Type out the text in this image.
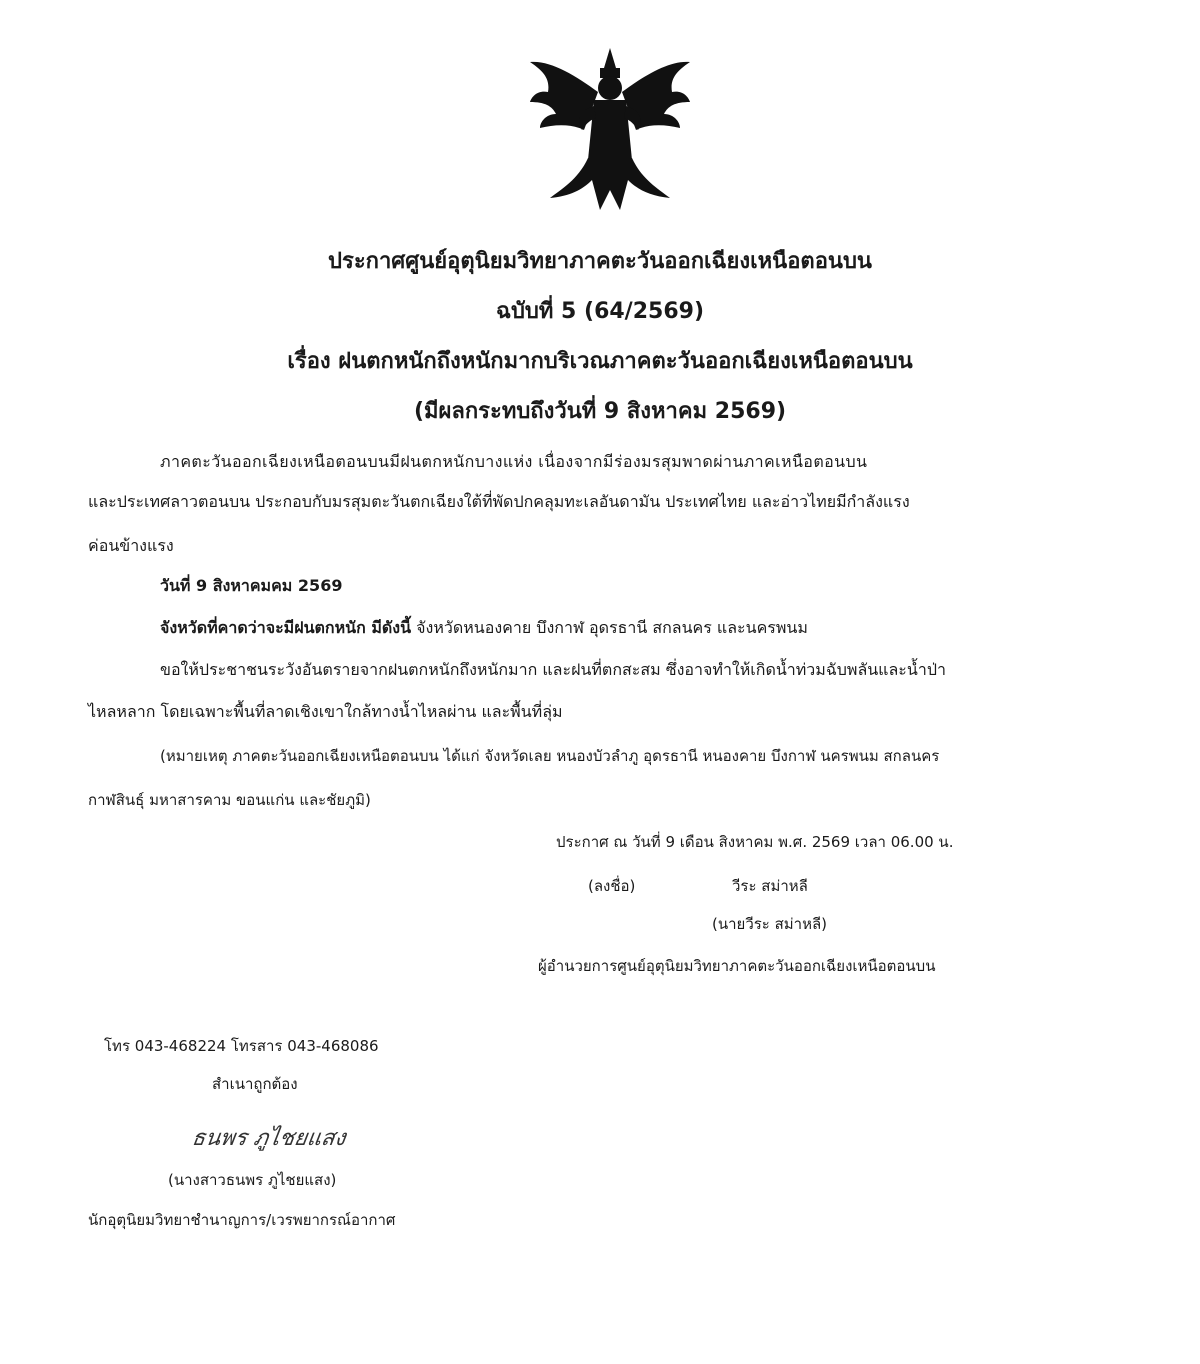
ประกาศศูนย์อุตุนิยมวิทยาภาคตะวันออกเฉียงเหนือตอนบน
ฉบับที่ 5 (64/2569)
เรื่อง ฝนตกหนักถึงหนักมากบริเวณภาคตะวันออกเฉียงเหนือตอนบน
(มีผลกระทบถึงวันที่ 9 สิงหาคม 2569)
ภาคตะวันออกเฉียงเหนือตอนบนมีฝนตกหนักบางแห่ง เนื่องจากมีร่องมรสุมพาดผ่านภาคเหนือตอนบน
และประเทศลาวตอนบน ประกอบกับมรสุมตะวันตกเฉียงใต้ที่พัดปกคลุมทะเลอันดามัน ประเทศไทย และอ่าวไทยมีกำลังแรง
ค่อนข้างแรง
วันที่ 9 สิงหาคมคม 2569
จังหวัดที่คาดว่าจะมีฝนตกหนัก มีดังนี้ จังหวัดหนองคาย บึงกาฬ อุดรธานี สกลนคร และนครพนม
ขอให้ประชาชนระวังอันตรายจากฝนตกหนักถึงหนักมาก และฝนที่ตกสะสม ซึ่งอาจทำให้เกิดน้ำท่วมฉับพลันและน้ำป่า
ไหลหลาก โดยเฉพาะพื้นที่ลาดเชิงเขาใกล้ทางน้ำไหลผ่าน และพื้นที่ลุ่ม
(หมายเหตุ ภาคตะวันออกเฉียงเหนือตอนบน ได้แก่ จังหวัดเลย หนองบัวลำภู อุดรธานี หนองคาย บึงกาฬ นครพนม สกลนคร
กาฬสินธุ์ มหาสารคาม ขอนแก่น และชัยภูมิ)
ประกาศ ณ วันที่ 9 เดือน สิงหาคม พ.ศ. 2569 เวลา 06.00 น.
(ลงชื่อ)	วีระ สม่าหลี
(นายวีระ สม่าหลี)
ผู้อำนวยการศูนย์อุตุนิยมวิทยาภาคตะวันออกเฉียงเหนือตอนบน
โทร 043-468224 โทรสาร 043-468086
สำเนาถูกต้อง
ธนพร ภูไชยแสง
(นางสาวธนพร ภูไชยแสง)
นักอุตุนิยมวิทยาชำนาญการ/เวรพยากรณ์อากาศ
